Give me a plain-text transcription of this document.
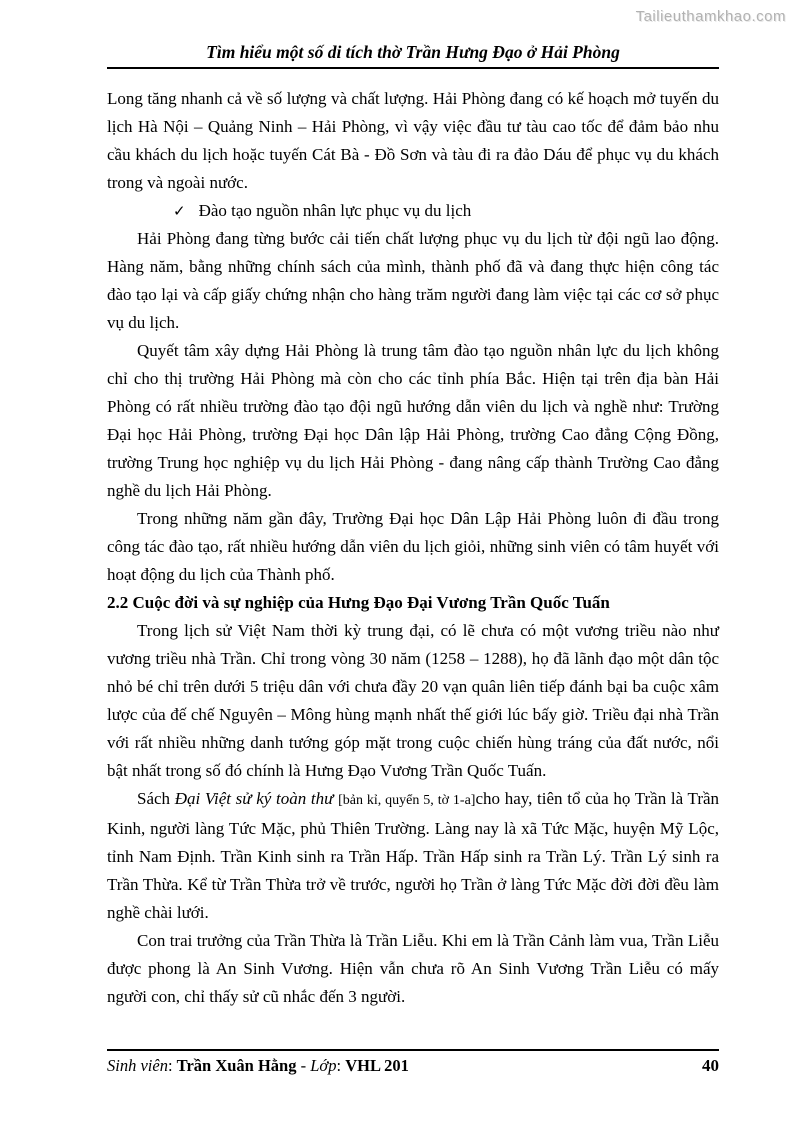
Tailieuthamkhao.com
Tìm hiểu một số di tích thờ Trần Hưng Đạo ở Hải Phòng

Long tăng nhanh cả về số lượng và chất lượng. Hải Phòng đang có kế hoạch mở tuyến du lịch Hà Nội – Quảng Ninh – Hải Phòng, vì vậy việc đầu tư tàu cao tốc để đảm bảo nhu cầu khách du lịch hoặc tuyến Cát Bà - Đồ Sơn và tàu đi ra đảo Dáu để phục vụ du khách trong và ngoài nước.

✓ Đào tạo nguồn nhân lực phục vụ du lịch

Hải Phòng đang từng bước cải tiến chất lượng phục vụ du lịch từ đội ngũ lao động. Hàng năm, bằng những chính sách của mình, thành phố đã và đang thực hiện công tác đào tạo lại và cấp giấy chứng nhận cho hàng trăm người đang làm việc tại các cơ sở phục vụ du lịch.

Quyết tâm xây dựng Hải Phòng là trung tâm đào tạo nguồn nhân lực du lịch không chỉ cho thị trường Hải Phòng mà còn cho các tỉnh phía Bắc. Hiện tại trên địa bàn Hải Phòng có rất nhiều trường đào tạo đội ngũ hướng dẫn viên du lịch và nghề như: Trường Đại học Hải Phòng, trường Đại học Dân lập Hải Phòng, trường Cao đẳng Cộng Đồng, trường Trung học nghiệp vụ du lịch Hải Phòng - đang nâng cấp thành Trường Cao đẳng nghề du lịch Hải Phòng.

Trong những năm gần đây, Trường Đại học Dân Lập Hải Phòng luôn đi đầu trong công tác đào tạo, rất nhiều hướng dẫn viên du lịch giỏi, những sinh viên có tâm huyết với hoạt động du lịch của Thành phố.

2.2 Cuộc đời và sự nghiệp của Hưng Đạo Đại Vương Trần Quốc Tuấn

Trong lịch sử Việt Nam thời kỳ trung đại, có lẽ chưa có một vương triều nào như vương triều nhà Trần. Chỉ trong vòng 30 năm (1258 – 1288), họ đã lãnh đạo một dân tộc nhỏ bé chỉ trên dưới 5 triệu dân với chưa đầy 20 vạn quân liên tiếp đánh bại ba cuộc xâm lược của đế chế Nguyên – Mông hùng mạnh nhất thế giới lúc bấy giờ. Triều đại nhà Trần với rất nhiều những danh tướng góp mặt trong cuộc chiến hùng tráng của đất nước, nổi bật nhất trong số đó chính là Hưng Đạo Vương Trần Quốc Tuấn.

Sách Đại Việt sử ký toàn thư [bản kỉ, quyển 5, tờ 1-a]cho hay, tiên tổ của họ Trần là Trần Kinh, người làng Tức Mặc, phủ Thiên Trường. Làng nay là xã Tức Mặc, huyện Mỹ Lộc, tỉnh Nam Định. Trần Kinh sinh ra Trần Hấp. Trần Hấp sinh ra Trần Lý. Trần Lý sinh ra Trần Thừa. Kể từ Trần Thừa trở về trước, người họ Trần ở làng Tức Mặc đời đời đều làm nghề chài lưới.

Con trai trưởng của Trần Thừa là Trần Liễu. Khi em là Trần Cảnh làm vua, Trần Liễu được phong là An Sinh Vương. Hiện vẫn chưa rõ An Sinh Vương Trần Liễu có mấy người con, chỉ thấy sử cũ nhắc đến 3 người.

Sinh viên: Trần Xuân Hằng - Lớp: VHL 201	40
